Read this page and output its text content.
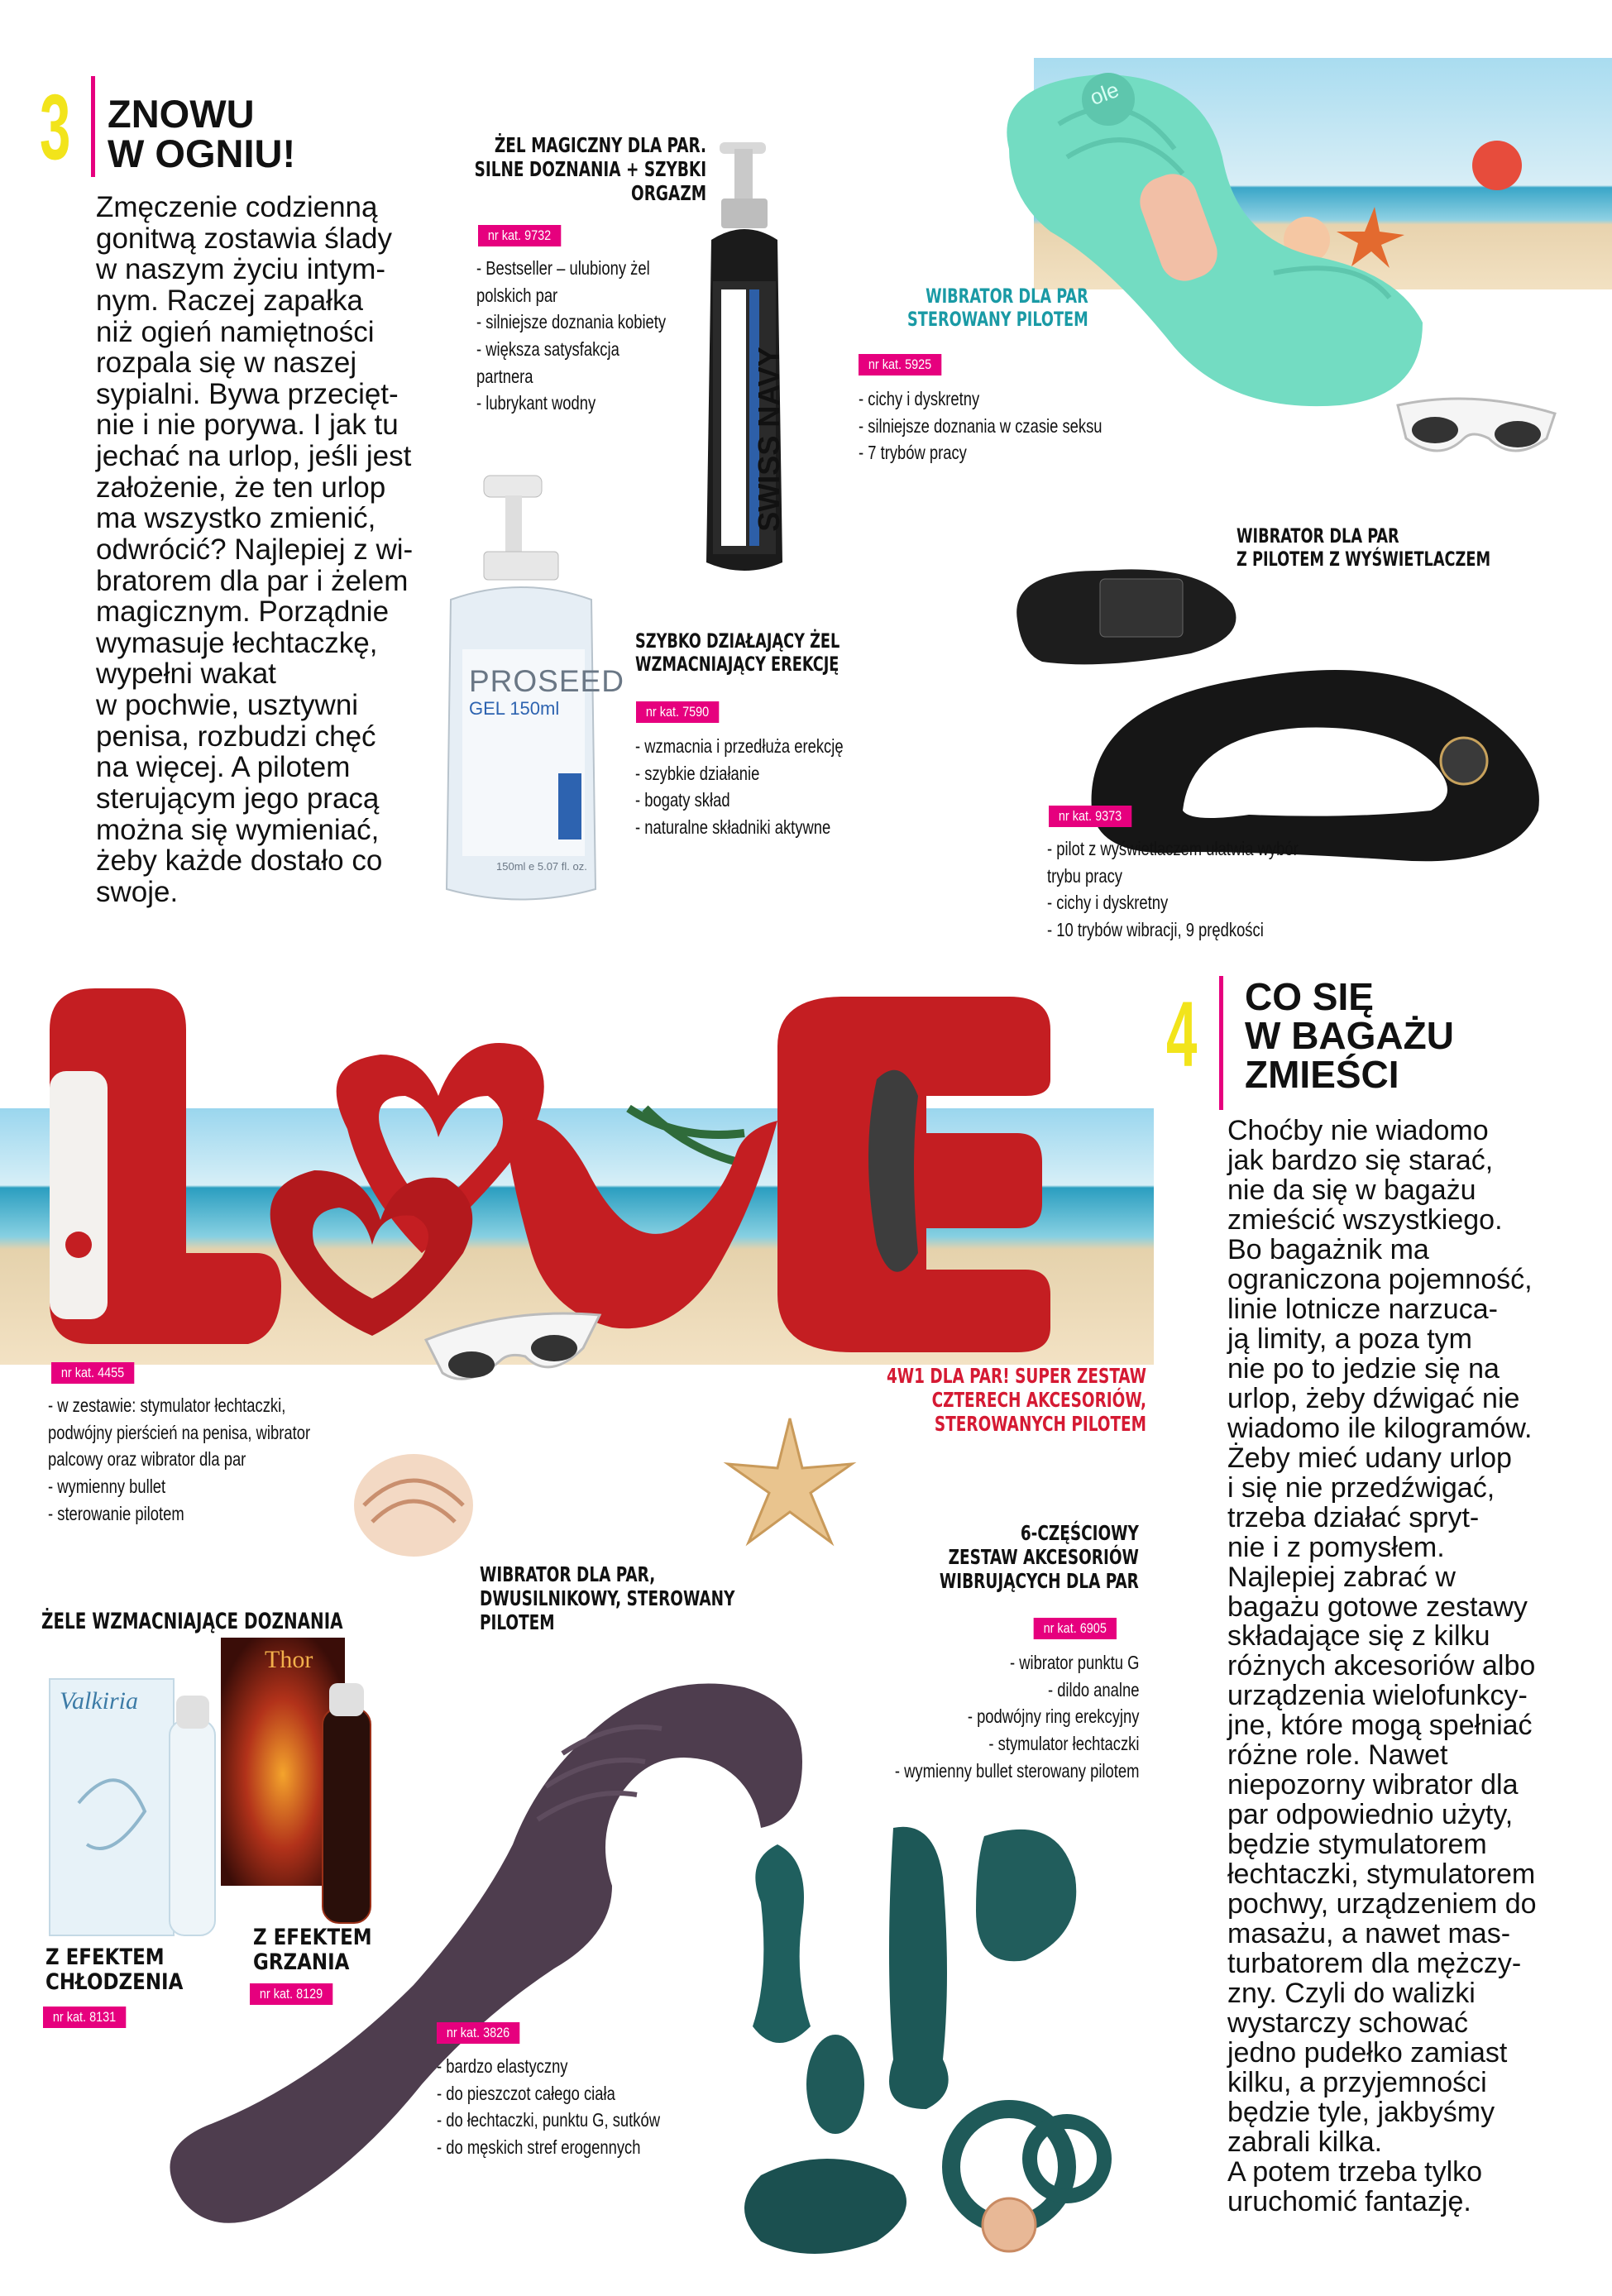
3 ZNOWU
W OGNIU!

Zmęczenie codzienną

gonitwą zostawia ślady

w naszym życiu intym-

nym. Raczej zapałka

niż ogień namiętności

rozpala się w naszej

sypialni. Bywa przecięt-

nie i nie porywa. I jak tu

jechać na urlop, jeśli jest

założenie, że ten urlop

ma wszystko zmienić,

odwrócić? Najlepiej z wi-

bratorem dla par i żelem

magicznym. Porządnie

wymasuje łechtaczkę,

wypełni wakat

w pochwie, usztywni

penisa, rozbudzi chęć

na więcej. A pilotem

sterującym jego pracą

można się wymieniać,

żeby każde dostało co

swoje.

ŻEL MAGICZNY DLA PAR.

SILNE DOZNANIA + SZYBKI

ORGAZM

nr kat. 9732

- Bestseller – ulubiony żel

polskich par

- silniejsze doznania kobiety

- większa satysfakcja

partnera

- lubrykant wodny	SWISS NAVY SENSUAL AROUSAL LUBRICANT
PROSEED
GEL 150ml
150ml e 5.07 fl. oz.

SZYBKO DZIAŁAJĄCY ŻEL

WZMACNIAJĄCY EREKCJĘ

nr kat. 7590

- wzmacnia i przedłuża erekcję

- szybkie działanie

- bogaty skład

- naturalne składniki aktywne

ole

WIBRATOR DLA PAR

STEROWANY PILOTEM

nr kat. 5925

- cichy i dyskretny

- silniejsze doznania w czasie seksu

- 7 trybów pracy

WIBRATOR DLA PAR

Z PILOTEM Z WYŚWIETLACZEM

nr kat. 9373

- pilot z wyświetlaczem ułatwia wybór

trybu pracy

- cichy i dyskretny

- 10 trybów wibracji, 9 prędkości

nr kat. 4455

- w zestawie: stymulator łechtaczki,

podwójny pierścień na penisa, wibrator

palcowy oraz wibrator dla par

- wymienny bullet

- sterowanie pilotem

4W1 DLA PAR! SUPER ZESTAW

CZTERECH AKCESORIÓW,

STEROWANYCH PILOTEM

4 CO SIĘ
W BAGAŻU
ZMIEŚCI

Choćby nie wiadomo

jak bardzo się starać,

nie da się w bagażu

zmieścić wszystkiego.

Bo bagażnik ma

ograniczona pojemność,

linie lotnicze narzuca-

ją limity, a poza tym

nie po to jedzie się na

urlop, żeby dźwigać nie

wiadomo ile kilogramów.

Żeby mieć udany urlop

i się nie przedźwigać,

trzeba działać spryt-

nie i z pomysłem.

Najlepiej zabrać w

bagażu gotowe zestawy

składające się z kilku

różnych akcesoriów albo

urządzenia wielofunkcy-

jne, które mogą spełniać

różne role. Nawet

niepozorny wibrator dla

par odpowiednio użyty,

będzie stymulatorem

łechtaczki, stymulatorem

pochwy, urządzeniem do

masażu, a nawet mas-

turbatorem dla mężczy-

zny. Czyli do walizki

wystarczy schować

jedno pudełko zamiast

kilku, a przyjemności

będzie tyle, jakbyśmy

zabrali kilka.

A potem trzeba tylko

uruchomić fantazję.

ŻELE WZMACNIAJĄCE DOZNANIA
Valkiria
Thor

Z EFEKTEM

CHŁODZENIA

nr kat. 8131

Z EFEKTEM

GRZANIA

nr kat. 8129

WIBRATOR DLA PAR,

DWUSILNIKOWY, STEROWANY

PILOTEM

nr kat. 3826

- bardzo elastyczny

- do pieszczot całego ciała

- do łechtaczki, punktu G, sutków

- do męskich stref erogennych

6-CZĘŚCIOWY

ZESTAW AKCESORIÓW

WIBRUJĄCYCH DLA PAR

nr kat. 6905

- wibrator punktu G

- dildo analne

- podwójny ring erekcyjny

- stymulator łechtaczki

- wymienny bullet sterowany pilotem
